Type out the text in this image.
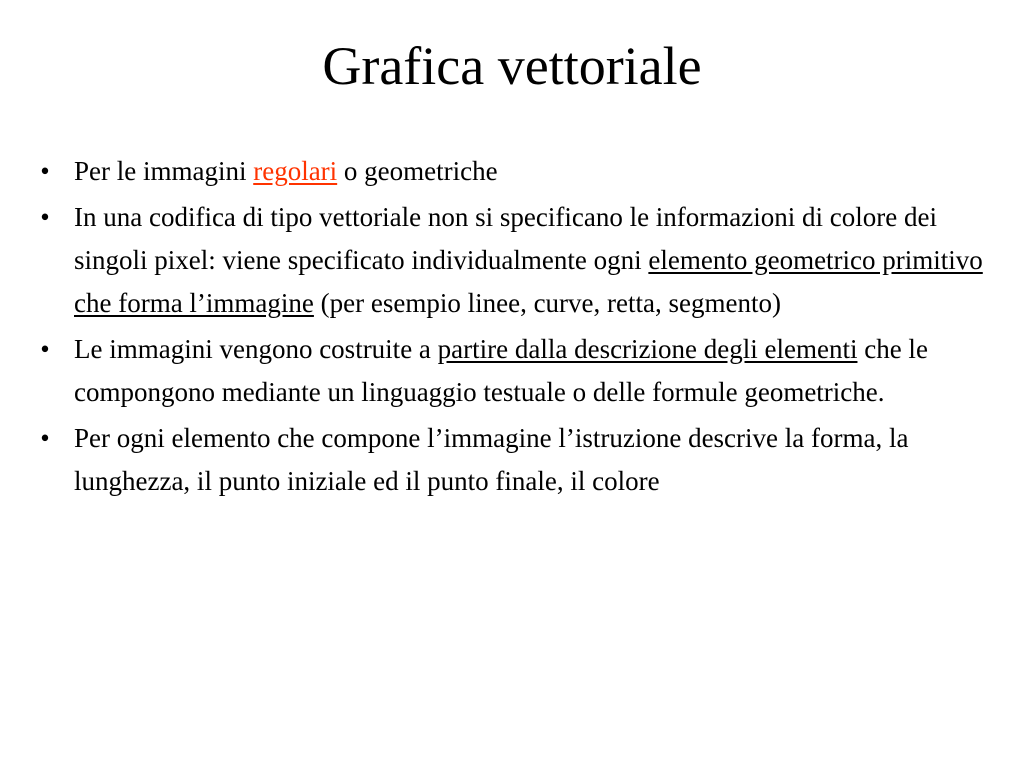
Grafica vettoriale
• Per le immagini regolari o geometriche
• In una codifica di tipo vettoriale non si specificano le informazioni di colore dei singoli pixel: viene specificato individualmente ogni elemento geometrico primitivo che forma l’immagine (per esempio linee, curve, retta, segmento)
• Le immagini vengono costruite a partire dalla descrizione degli elementi che le compongono mediante un linguaggio testuale o delle formule geometriche.
• Per ogni elemento che compone l’immagine l’istruzione descrive la forma, la lunghezza, il punto iniziale ed il punto finale, il colore
